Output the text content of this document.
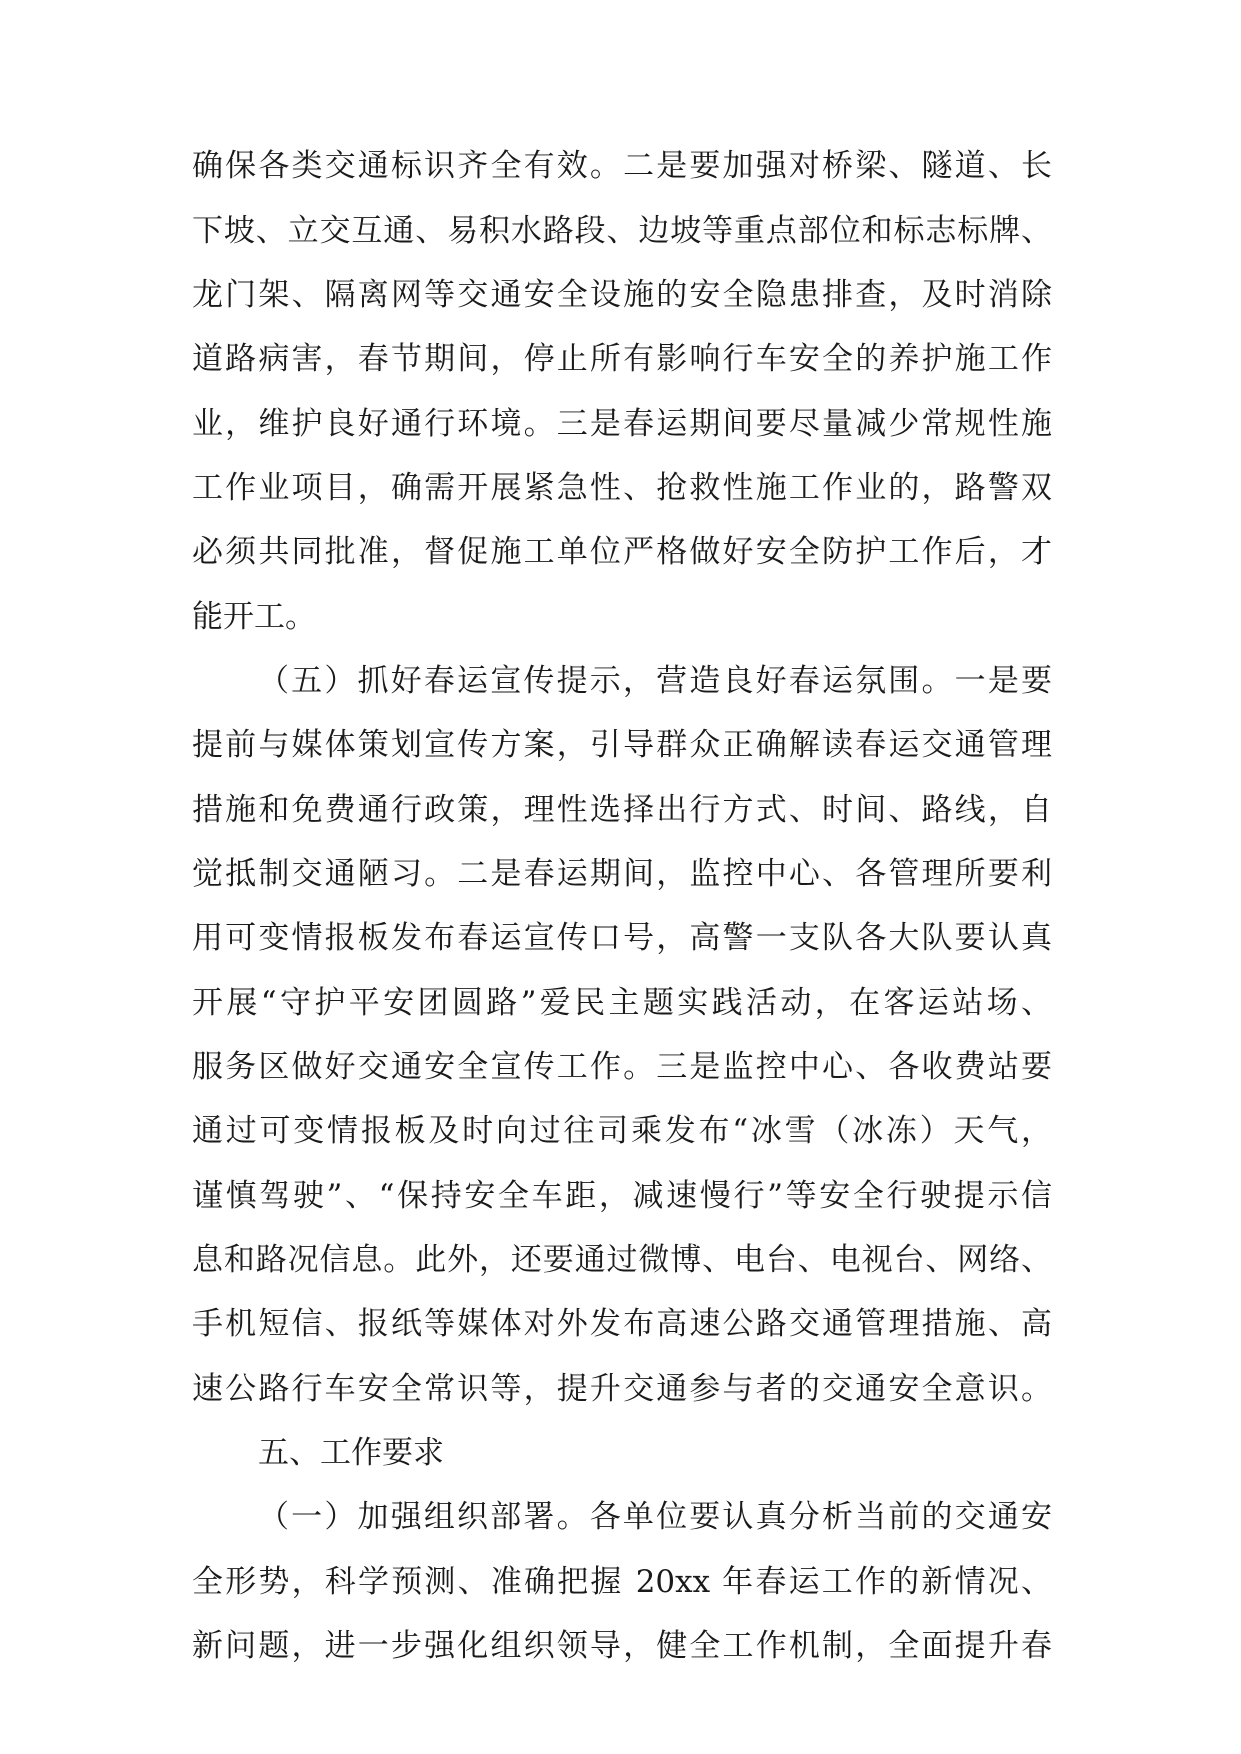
确保各类交通标识齐全有效。二是要加强对桥梁、隧道、长
下坡、立交互通、易积水路段、边坡等重点部位和标志标牌、
龙门架、隔离网等交通安全设施的安全隐患排查，及时消除
道路病害，春节期间，停止所有影响行车安全的养护施工作
业，维护良好通行环境。三是春运期间要尽量减少常规性施
工作业项目，确需开展紧急性、抢救性施工作业的，路警双
必须共同批准，督促施工单位严格做好安全防护工作后，才
能开工。
（五）抓好春运宣传提示，营造良好春运氛围。一是要
提前与媒体策划宣传方案，引导群众正确解读春运交通管理
措施和免费通行政策，理性选择出行方式、时间、路线，自
觉抵制交通陋习。二是春运期间，监控中心、各管理所要利
用可变情报板发布春运宣传口号，高警一支队各大队要认真
开展“守护平安团圆路”爱民主题实践活动，在客运站场、
服务区做好交通安全宣传工作。三是监控中心、各收费站要
通过可变情报板及时向过往司乘发布“冰雪（冰冻）天气，
谨慎驾驶”、“保持安全车距，减速慢行”等安全行驶提示信
息和路况信息。此外，还要通过微博、电台、电视台、网络、
手机短信、报纸等媒体对外发布高速公路交通管理措施、高
速公路行车安全常识等，提升交通参与者的交通安全意识。
五、工作要求
（一）加强组织部署。各单位要认真分析当前的交通安
全形势，科学预测、准确把握 20xx 年春运工作的新情况、
新问题，进一步强化组织领导，健全工作机制，全面提升春
